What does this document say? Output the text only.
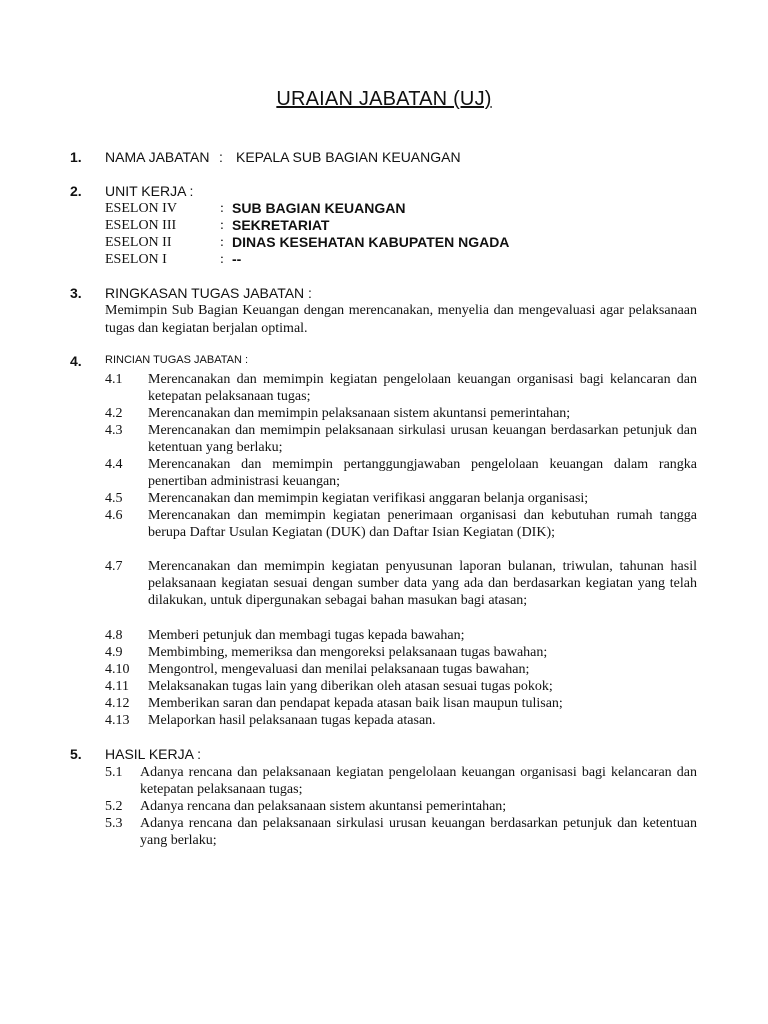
URAIAN JABATAN (UJ)
1. NAMA JABATAN : KEPALA SUB BAGIAN KEUANGAN
2. UNIT KERJA :
ESELON IV	: SUB BAGIAN KEUANGAN
ESELON III	: SEKRETARIAT
ESELON II	: DINAS KESEHATAN KABUPATEN NGADA
ESELON I	: --
3. RINGKASAN TUGAS JABATAN :
Memimpin Sub Bagian Keuangan dengan merencanakan, menyelia dan mengevaluasi agar pelaksanaan tugas dan kegiatan berjalan optimal.
4. RINCIAN TUGAS JABATAN :
4.1 Merencanakan dan memimpin kegiatan pengelolaan keuangan organisasi bagi kelancaran dan ketepatan pelaksanaan tugas;
4.2 Merencanakan dan memimpin pelaksanaan sistem akuntansi pemerintahan;
4.3 Merencanakan dan memimpin pelaksanaan sirkulasi urusan keuangan berdasarkan petunjuk dan ketentuan yang berlaku;
4.4 Merencanakan dan memimpin pertanggungjawaban pengelolaan keuangan dalam rangka penertiban administrasi keuangan;
4.5 Merencanakan dan memimpin kegiatan verifikasi anggaran belanja organisasi;
4.6 Merencanakan dan memimpin kegiatan penerimaan organisasi dan kebutuhan rumah tangga berupa Daftar Usulan Kegiatan (DUK) dan Daftar Isian Kegiatan (DIK);
4.7 Merencanakan dan memimpin kegiatan penyusunan laporan bulanan, triwulan, tahunan hasil pelaksanaan kegiatan sesuai dengan sumber data yang ada dan berdasarkan kegiatan yang telah dilakukan, untuk dipergunakan sebagai bahan masukan bagi atasan;
4.8 Memberi petunjuk dan membagi tugas kepada bawahan;
4.9 Membimbing, memeriksa dan mengoreksi pelaksanaan tugas bawahan;
4.10 Mengontrol, mengevaluasi dan menilai pelaksanaan tugas bawahan;
4.11 Melaksanakan tugas lain yang diberikan oleh atasan sesuai tugas pokok;
4.12 Memberikan saran dan pendapat kepada atasan baik lisan maupun tulisan;
4.13 Melaporkan hasil pelaksanaan tugas kepada atasan.
5. HASIL KERJA :
5.1 Adanya rencana dan pelaksanaan kegiatan pengelolaan keuangan organisasi bagi kelancaran dan ketepatan pelaksanaan tugas;
5.2 Adanya rencana dan pelaksanaan sistem akuntansi pemerintahan;
5.3 Adanya rencana dan pelaksanaan sirkulasi urusan keuangan berdasarkan petunjuk dan ketentuan yang berlaku;
